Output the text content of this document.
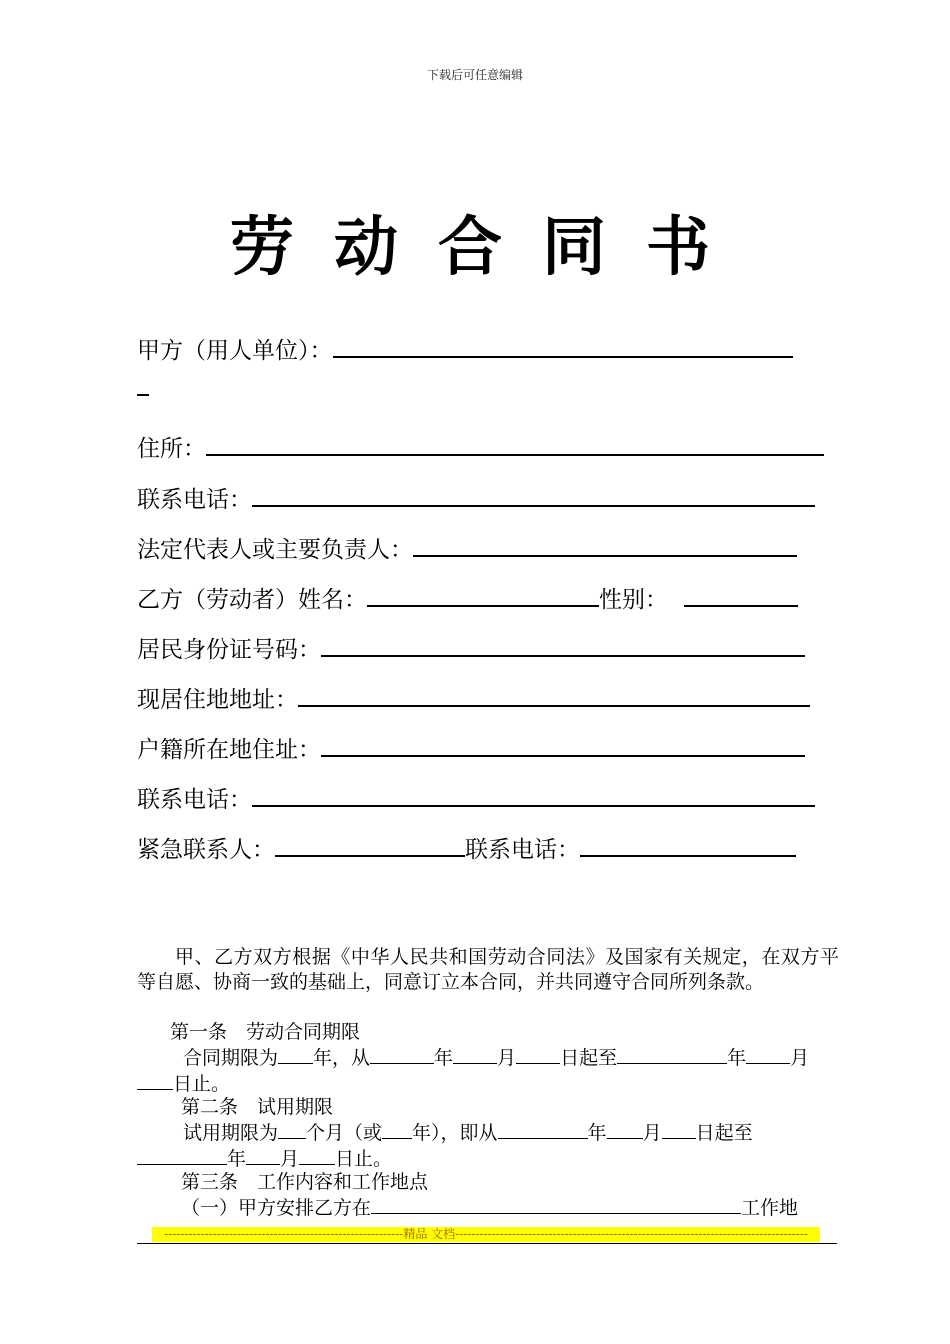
下载后可任意编辑
劳动合同书
甲方（用人单位）：
住所：
联系电话：
法定代表人或主要负责人：
乙方（劳动者）姓名：	性别：
居民身份证号码：
现居住地地址：
户籍所在地住址：
联系电话：
紧急联系人：	联系电话：
甲、乙方双方根据《中华人民共和国劳动合同法》及国家有关规定，在双方平等自愿、协商一致的基础上，同意订立本合同，并共同遵守合同所列条款。
第一条　劳动合同期限
合同期限为 年，从	年 月 日起至	年 月日止。
第二条　试用期限
试用期限为 个月（或 年），即从	年 月 日起至年 月 日止。
第三条　工作内容和工作地点
（一）甲方安排乙方在	工作地
-----------------------------------------------------------精品 文档---------------------------------------------------------------------------------------
